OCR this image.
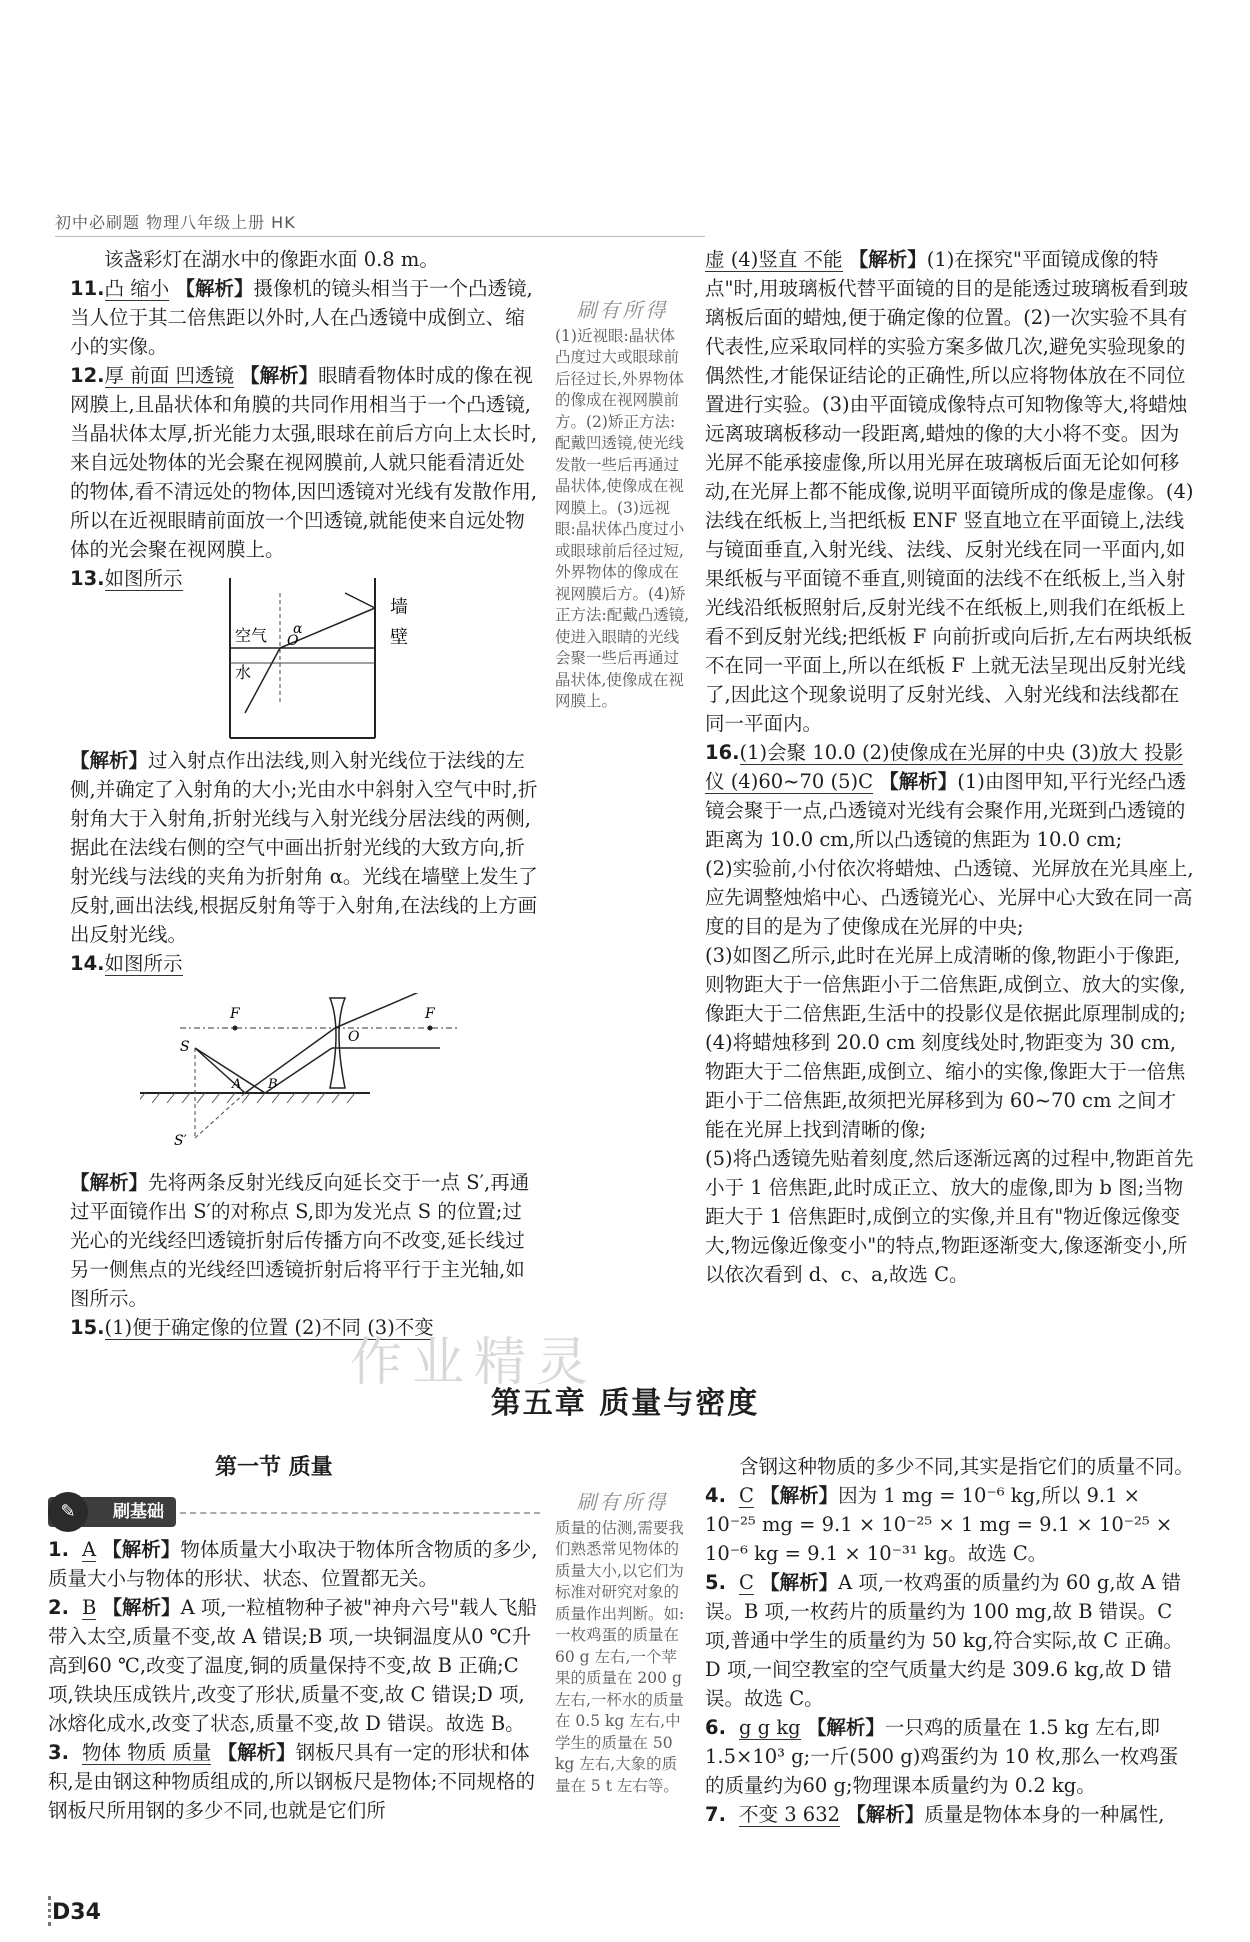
初中必刷题 物理八年级上册 HK

该盏彩灯在湖水中的像距水面 0.8 m。

11.凸 缩小 【解析】摄像机的镜头相当于一个凸透镜,当人位于其二倍焦距以外时,人在凸透镜中成倒立、缩小的实像。

12.厚 前面 凹透镜 【解析】眼睛看物体时成的像在视网膜上,且晶状体和角膜的共同作用相当于一个凸透镜,当晶状体太厚,折光能力太强,眼球在前后方向上太长时,来自远处物体的光会聚在视网膜前,人就只能看清近处的物体,看不清远处的物体,因凹透镜对光线有发散作用,所以在近视眼睛前面放一个凹透镜,就能使来自远处物体的光会聚在视网膜上。

13.如图所示

空气
水
O
α
墙
壁

【解析】过入射点作出法线,则入射光线位于法线的左侧,并确定了入射角的大小;光由水中斜射入空气中时,折射角大于入射角,折射光线与入射光线分居法线的两侧,据此在法线右侧的空气中画出折射光线的大致方向,折射光线与法线的夹角为折射角 α。光线在墙壁上发生了反射,画出法线,根据反射角等于入射角,在法线的上方画出反射光线。

14.如图所示

F	F
O
S
A B
S′

【解析】先将两条反射光线反向延长交于一点 S′,再通过平面镜作出 S′的对称点 S,即为发光点 S 的位置;过光心的光线经凹透镜折射后传播方向不改变,延长线过另一侧焦点的光线经凹透镜折射后将平行于主光轴,如图所示。

15.(1)便于确定像的位置 (2)不同 (3)不变

刷有所得
(1)近视眼:晶状体凸度过大或眼球前后径过长,外界物体的像成在视网膜前方。(2)矫正方法:配戴凹透镜,使光线发散一些后再通过晶状体,使像成在视网膜上。(3)远视眼:晶状体凸度过小或眼球前后径过短,外界物体的像成在视网膜后方。(4)矫正方法:配戴凸透镜,使进入眼睛的光线会聚一些后再通过晶状体,使像成在视网膜上。

虚 (4)竖直 不能 【解析】(1)在探究"平面镜成像的特点"时,用玻璃板代替平面镜的目的是能透过玻璃板看到玻璃板后面的蜡烛,便于确定像的位置。(2)一次实验不具有代表性,应采取同样的实验方案多做几次,避免实验现象的偶然性,才能保证结论的正确性,所以应将物体放在不同位置进行实验。(3)由平面镜成像特点可知物像等大,将蜡烛远离玻璃板移动一段距离,蜡烛的像的大小将不变。因为光屏不能承接虚像,所以用光屏在玻璃板后面无论如何移动,在光屏上都不能成像,说明平面镜所成的像是虚像。(4)法线在纸板上,当把纸板 ENF 竖直地立在平面镜上,法线与镜面垂直,入射光线、法线、反射光线在同一平面内,如果纸板与平面镜不垂直,则镜面的法线不在纸板上,当入射光线沿纸板照射后,反射光线不在纸板上,则我们在纸板上看不到反射光线;把纸板 F 向前折或向后折,左右两块纸板不在同一平面上,所以在纸板 F 上就无法呈现出反射光线了,因此这个现象说明了反射光线、入射光线和法线都在同一平面内。

16.(1)会聚 10.0 (2)使像成在光屏的中央 (3)放大 投影仪 (4)60~70 (5)C 【解析】(1)由图甲知,平行光经凸透镜会聚于一点,凸透镜对光线有会聚作用,光斑到凸透镜的距离为 10.0 cm,所以凸透镜的焦距为 10.0 cm;

(2)实验前,小付依次将蜡烛、凸透镜、光屏放在光具座上,应先调整烛焰中心、凸透镜光心、光屏中心大致在同一高度的目的是为了使像成在光屏的中央;

(3)如图乙所示,此时在光屏上成清晰的像,物距小于像距,则物距大于一倍焦距小于二倍焦距,成倒立、放大的实像,像距大于二倍焦距,生活中的投影仪是依据此原理制成的;

(4)将蜡烛移到 20.0 cm 刻度线处时,物距变为 30 cm,物距大于二倍焦距,成倒立、缩小的实像,像距大于一倍焦距小于二倍焦距,故须把光屏移到为 60~70 cm 之间才能在光屏上找到清晰的像;

(5)将凸透镜先贴着刻度,然后逐渐远离的过程中,物距首先小于 1 倍焦距,此时成正立、放大的虚像,即为 b 图;当物距大于 1 倍焦距时,成倒立的实像,并且有"物近像远像变大,物远像近像变小"的特点,物距逐渐变大,像逐渐变小,所以依次看到 d、c、a,故选 C。

作业精灵
第五章 质量与密度
第一节 质量
刷基础
✎

1. A 【解析】物体质量大小取决于物体所含物质的多少,质量大小与物体的形状、状态、位置都无关。

2. B 【解析】A 项,一粒植物种子被"神舟六号"载人飞船带入太空,质量不变,故 A 错误;B 项,一块铜温度从0 ℃升高到60 ℃,改变了温度,铜的质量保持不变,故 B 正确;C 项,铁块压成铁片,改变了形状,质量不变,故 C 错误;D 项,冰熔化成水,改变了状态,质量不变,故 D 错误。故选 B。

3. 物体 物质 质量 【解析】钢板尺具有一定的形状和体积,是由钢这种物质组成的,所以钢板尺是物体;不同规格的钢板尺所用钢的多少不同,也就是它们所

刷有所得
质量的估测,需要我们熟悉常见物体的质量大小,以它们为标准对研究对象的质量作出判断。如:一枚鸡蛋的质量在 60 g 左右,一个苹果的质量在 200 g 左右,一杯水的质量在 0.5 kg 左右,中学生的质量在 50 kg 左右,大象的质量在 5 t 左右等。

含钢这种物质的多少不同,其实是指它们的质量不同。

4. C 【解析】因为 1 mg = 10⁻⁶ kg,所以 9.1 × 10⁻²⁵ mg = 9.1 × 10⁻²⁵ × 1 mg = 9.1 × 10⁻²⁵ × 10⁻⁶ kg = 9.1 × 10⁻³¹ kg。故选 C。

5. C 【解析】A 项,一枚鸡蛋的质量约为 60 g,故 A 错误。B 项,一枚药片的质量约为 100 mg,故 B 错误。C 项,普通中学生的质量约为 50 kg,符合实际,故 C 正确。D 项,一间空教室的空气质量大约是 309.6 kg,故 D 错误。故选 C。

6. g g kg 【解析】一只鸡的质量在 1.5 kg 左右,即 1.5×10³ g;一斤(500 g)鸡蛋约为 10 枚,那么一枚鸡蛋的质量约为60 g;物理课本质量约为 0.2 kg。

7. 不变 3 632 【解析】质量是物体本身的一种属性,

D34
